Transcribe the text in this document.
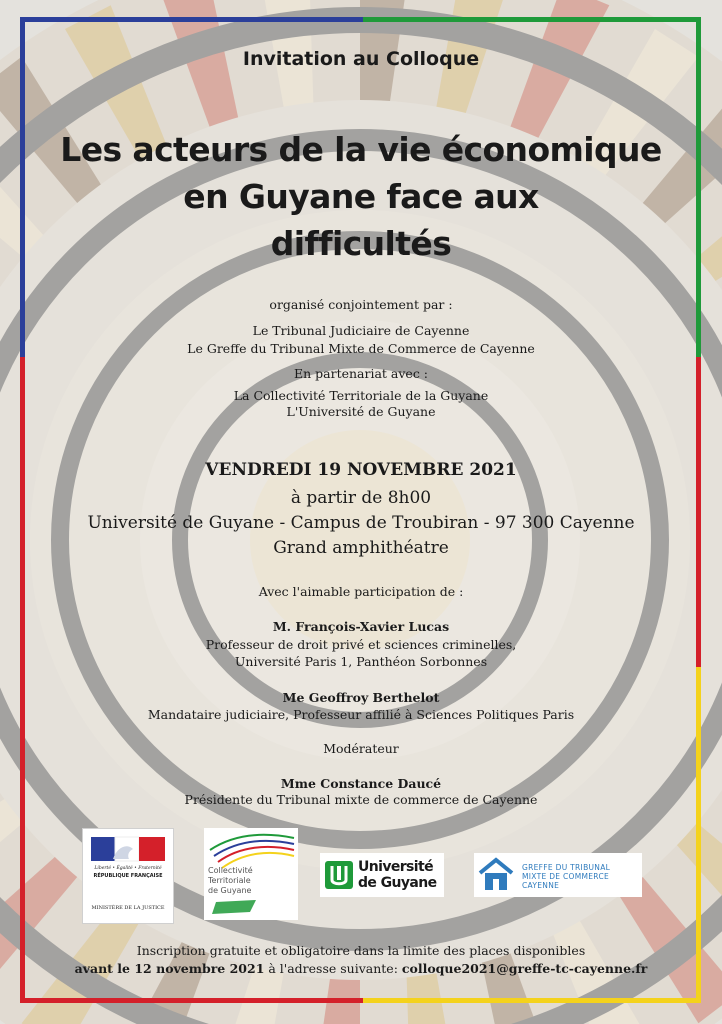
Invitation au Colloque
Les acteurs de la vie économique
en Guyane face aux
difficultés
organisé conjointement par :
Le Tribunal Judiciaire de Cayenne
Le Greffe du Tribunal Mixte de Commerce de Cayenne
En partenariat avec :
La Collectivité Territoriale de la Guyane
L'Université de Guyane
VENDREDI 19 NOVEMBRE 2021
à partir de 8h00
Université de Guyane - Campus de Troubiran - 97 300 Cayenne
Grand amphithéatre
Avec l'aimable participation de :
M. François-Xavier Lucas
Professeur de droit privé et sciences criminelles,
Université Paris 1, Panthéon Sorbonnes
Me Geoffroy Berthelot
Mandataire judiciaire, Professeur affilié à Sciences Politiques Paris
Modérateur
Mme Constance Daucé
Présidente du Tribunal mixte de commerce de Cayenne
Liberté • Égalité • Fraternité
RÉPUBLIQUE FRANÇAISE
MINISTÈRE DE LA JUSTICE
Collectivité
Territoriale
de Guyane
Université
de Guyane
GREFFE DU TRIBUNAL
MIXTE DE COMMERCE
CAYENNE
Inscription gratuite et obligatoire dans la limite des places disponibles
avant le 12 novembre 2021 à l'adresse suivante: colloque2021@greffe-tc-cayenne.fr
